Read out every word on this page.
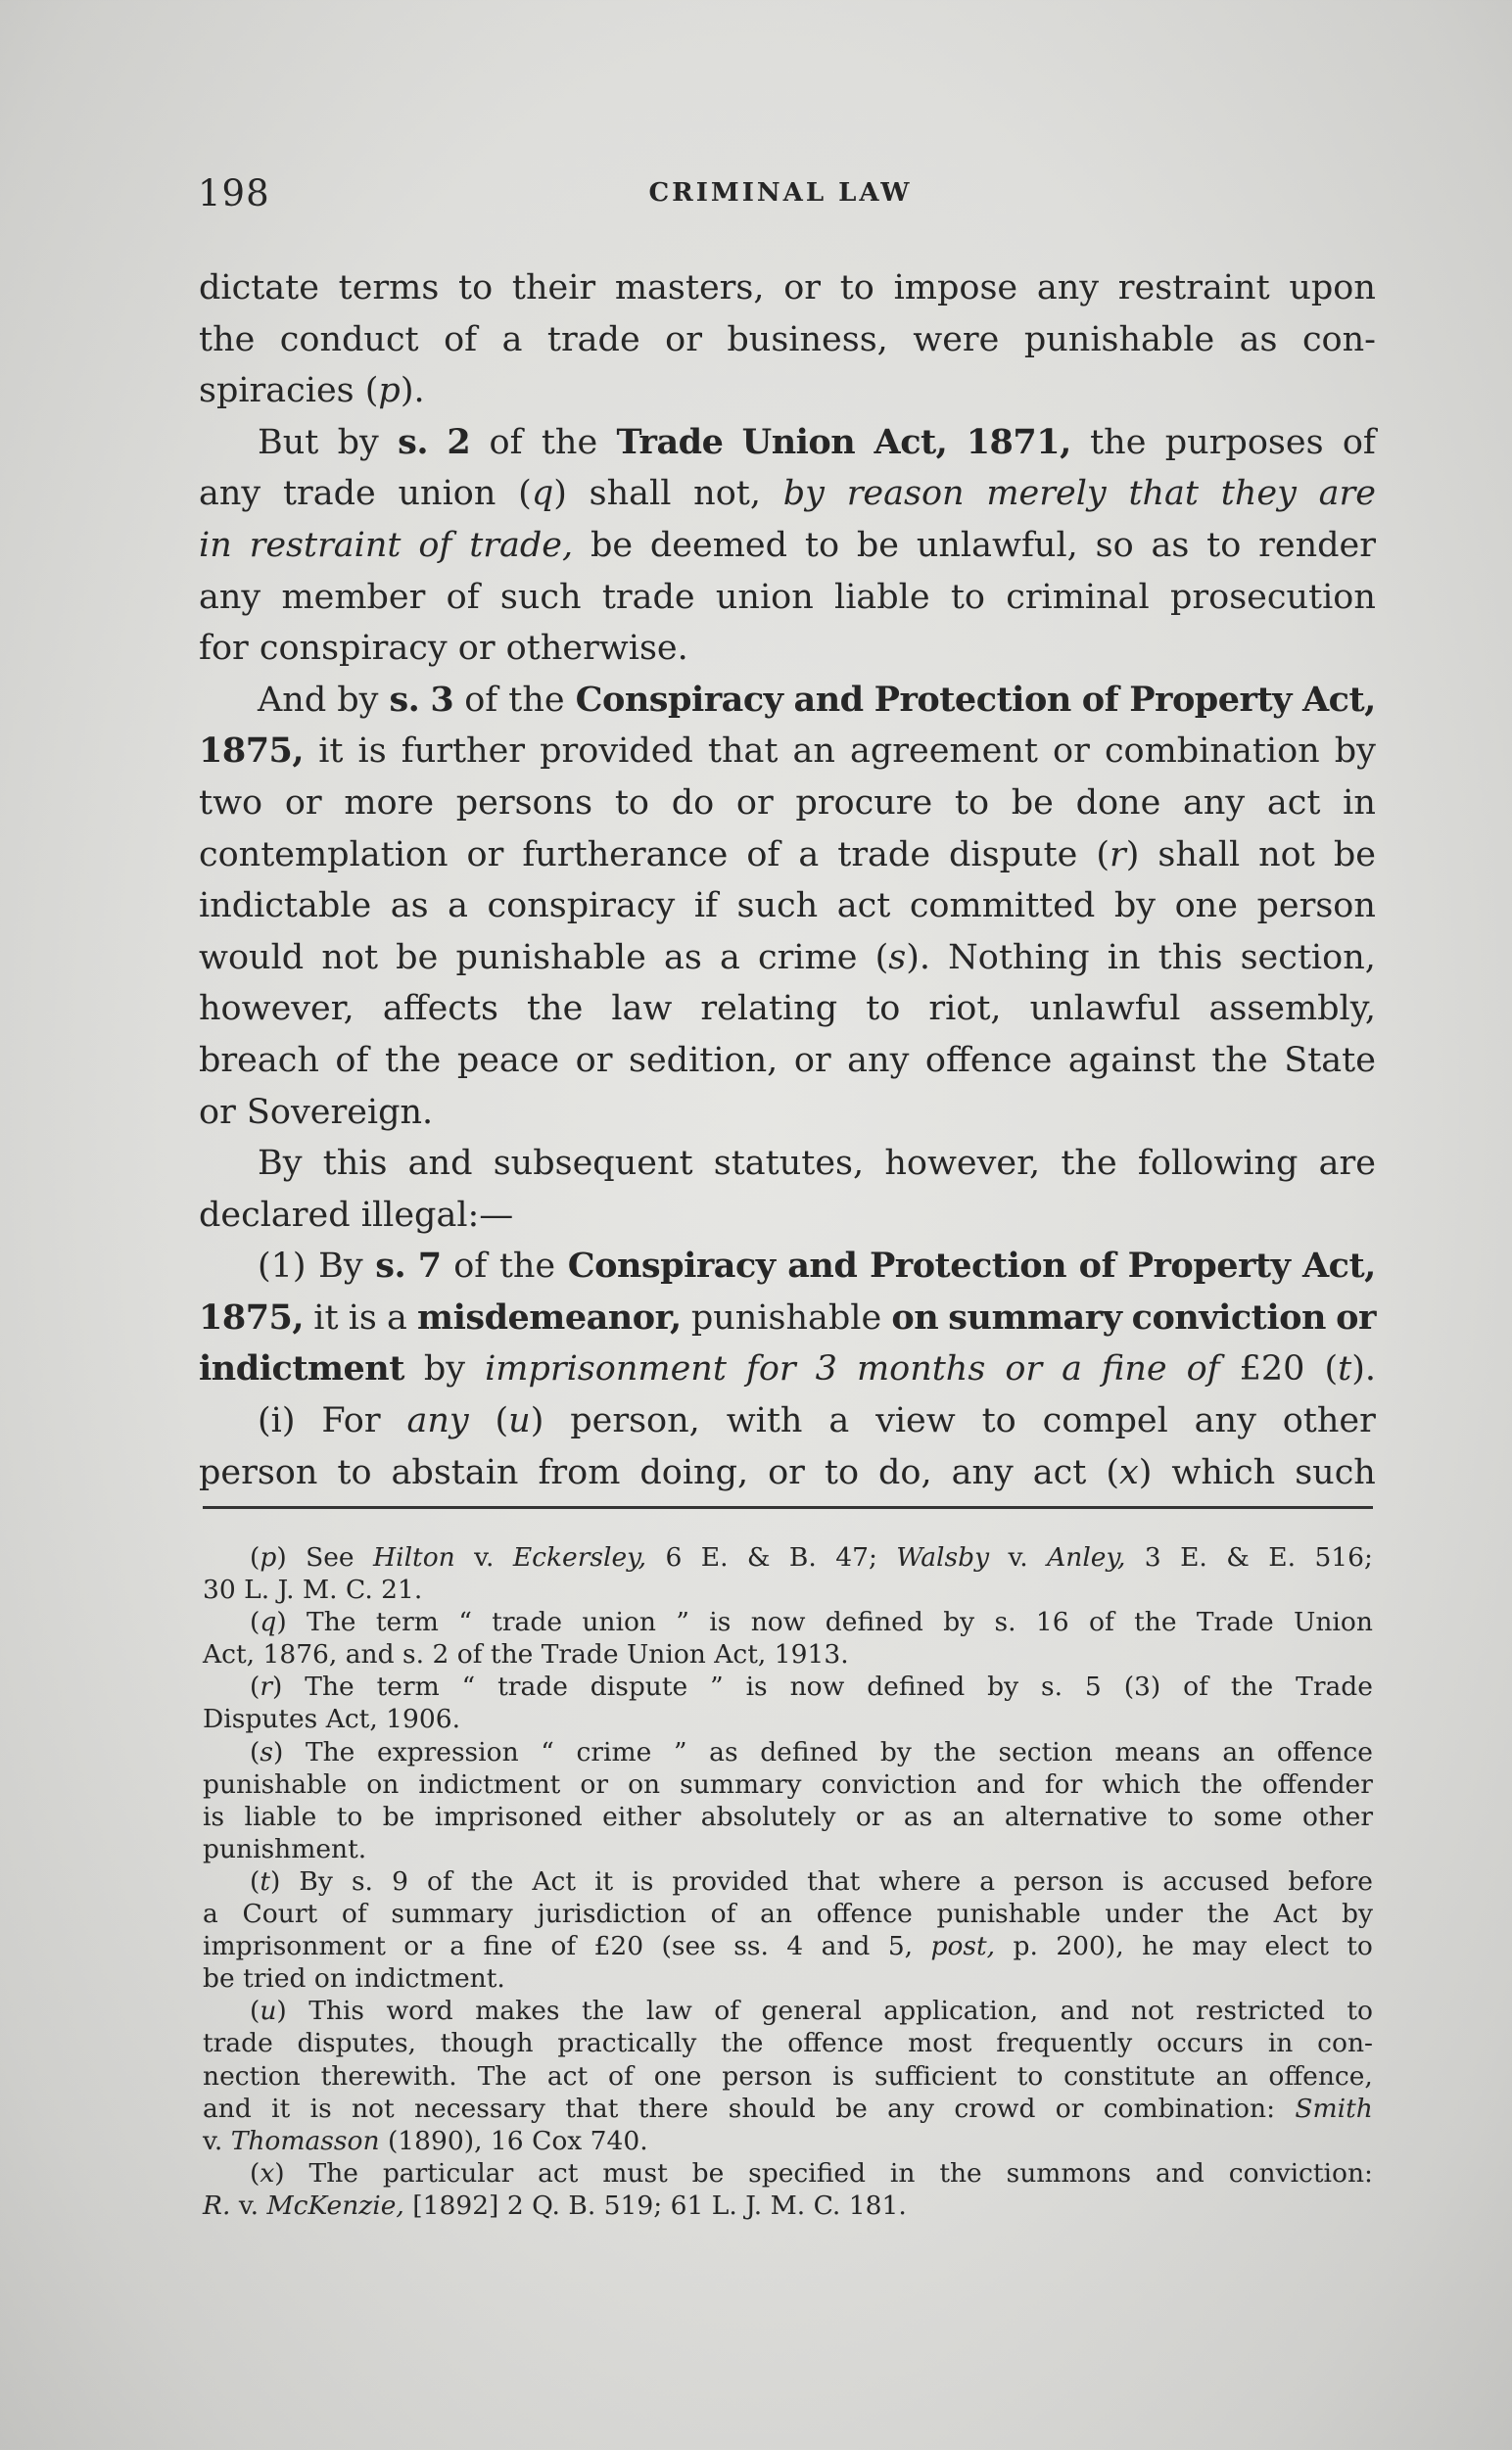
198	CRIMINAL LAW
dictate terms to their masters, or to impose any restraint upon
the conduct of a trade or business, were punishable as con-
spiracies ( p ).
But by s. 2 of the Trade Union Act, 1871, the purposes of
any trade union (q) shall not, by reason merely that they are
in restraint of trade, be deemed to be unlawful, so as to render
any member of such trade union liable to criminal prosecution
for conspiracy or otherwise.
And by s. 3 of the Conspiracy and Protection of Property Act,
1875, it is further provided that an agreement or combination by
two or more persons to do or procure to be done any act in
contemplation or furtherance of a trade dispute (r) shall not be
indictable as a conspiracy if such act committed by one person
would not be punishable as a crime (s). Nothing in this section,
however, affects the law relating to riot, unlawful assembly,
breach of the peace or sedition, or any offence against the State
or Sovereign.
By this and subsequent statutes, however, the following are
declared illegal:—
(1) By s. 7 of the Conspiracy and Protection of Property Act,
1875, it is a misdemeanor, punishable on summary conviction or
indictment by imprisonment for 3 months or a fine of £20 (t).
(i) For any (u) person, with a view to compel any other
person to abstain from doing, or to do, any act (x) which such
(p) See Hilton v. Eckersley, 6 E. & B. 47; Walsby v. Anley, 3 E. & E. 516;
30 L. J. M. C. 21.
(q) The term “ trade union ” is now defined by s. 16 of the Trade Union
Act, 1876, and s. 2 of the Trade Union Act, 1913.
(r) The term “ trade dispute ” is now defined by s. 5 (3) of the Trade
Disputes Act, 1906.
(s) The expression “ crime ” as defined by the section means an offence
punishable on indictment or on summary conviction and for which the offender
is liable to be imprisoned either absolutely or as an alternative to some other
punishment.
(t) By s. 9 of the Act it is provided that where a person is accused before
a Court of summary jurisdiction of an offence punishable under the Act by
imprisonment or a fine of £20 (see ss. 4 and 5, post, p. 200), he may elect to
be tried on indictment.
(u) This word makes the law of general application, and not restricted to
trade disputes, though practically the offence most frequently occurs in con-
nection therewith. The act of one person is sufficient to constitute an offence,
and it is not necessary that there should be any crowd or combination: Smith
v. Thomasson (1890), 16 Cox 740.
(x) The particular act must be specified in the summons and conviction:
R. v. McKenzie, [1892] 2 Q. B. 519; 61 L. J. M. C. 181.
